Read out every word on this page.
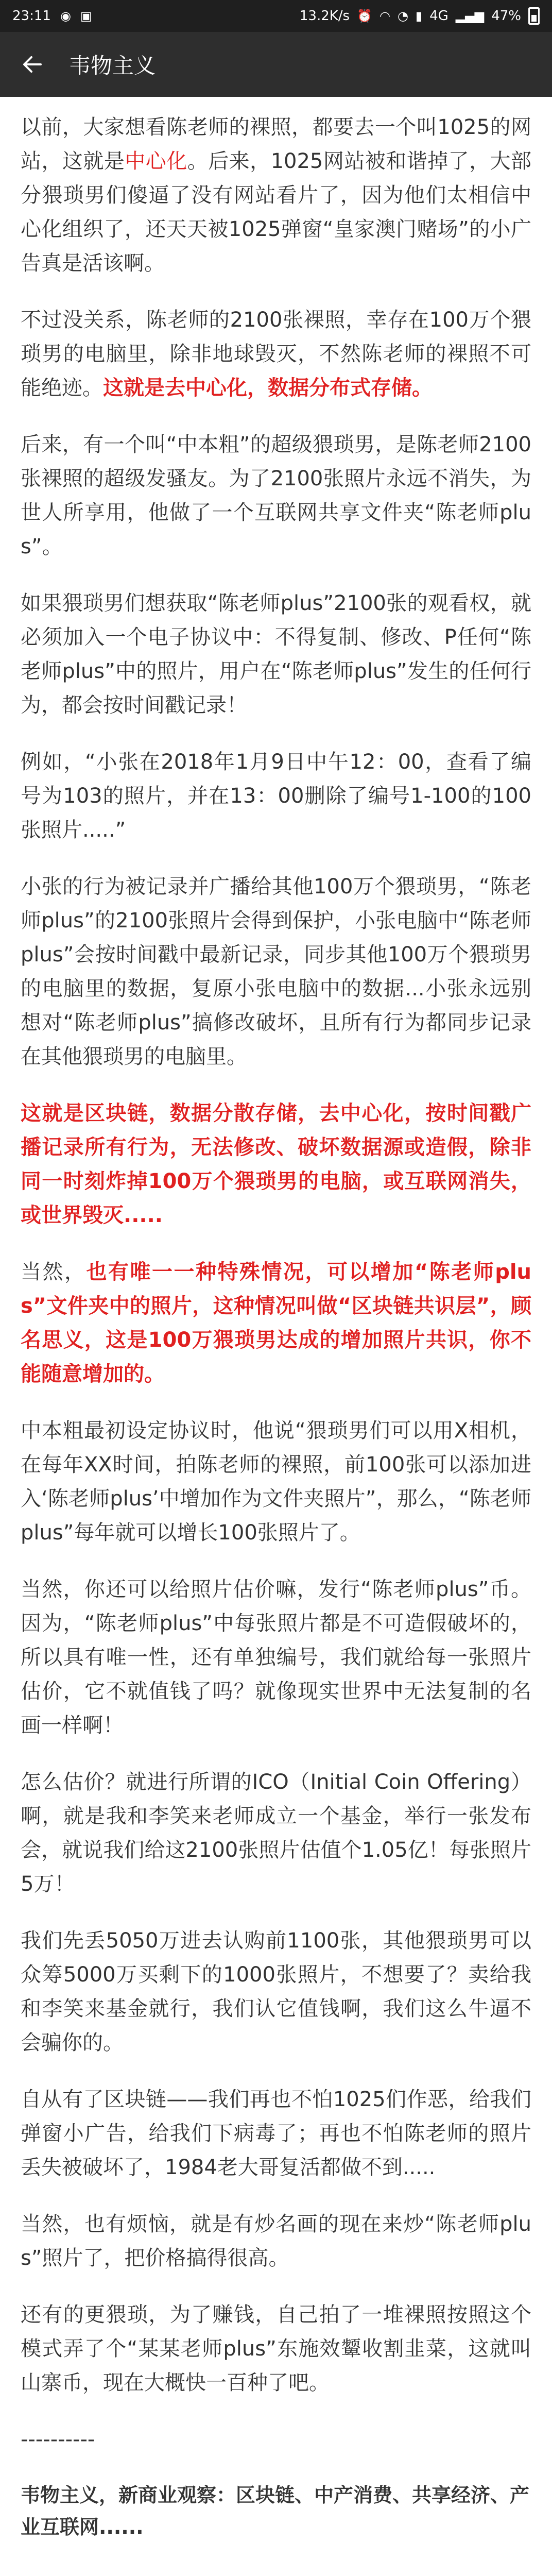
23:11 ◉ ▣	13.2K/s ⏰ ◠ ◔ ▮ 4G ▂▄▆ 47%
韦物主义

以前，大家想看陈老师的裸照，都要去一个叫1025的网站，这就是中心化。后来，1025网站被和谐掉了，大部分猥琐男们傻逼了没有网站看片了，因为他们太相信中心化组织了，还天天被1025弹窗“皇家澳门赌场”的小广告真是活该啊。

不过没关系，陈老师的2100张裸照，幸存在100万个猥琐男的电脑里，除非地球毁灭，不然陈老师的裸照不可能绝迹。这就是去中心化，数据分布式存储。

后来，有一个叫“中本粗”的超级猥琐男，是陈老师2100张裸照的超级发骚友。为了2100张照片永远不消失，为世人所享用，他做了一个互联网共享文件夹“陈老师plus”。

如果猥琐男们想获取“陈老师plus”2100张的观看权，就必须加入一个电子协议中：不得复制、修改、P任何“陈老师plus”中的照片，用户在“陈老师plus”发生的任何行为，都会按时间戳记录！

例如，“小张在2018年1月9日中午12：00，查看了编号为103的照片，并在13：00删除了编号1-100的100张照片.....”

小张的行为被记录并广播给其他100万个猥琐男，“陈老师plus”的2100张照片会得到保护，小张电脑中“陈老师plus”会按时间戳中最新记录，同步其他100万个猥琐男的电脑里的数据，复原小张电脑中的数据...小张永远别想对“陈老师plus”搞修改破坏，且所有行为都同步记录在其他猥琐男的电脑里。

这就是区块链，数据分散存储，去中心化，按时间戳广播记录所有行为，无法修改、破坏数据源或造假，除非同一时刻炸掉100万个猥琐男的电脑，或互联网消失，或世界毁灭.....

当然，也有唯一一种特殊情况，可以增加“陈老师plus”文件夹中的照片，这种情况叫做“区块链共识层”，顾名思义，这是100万猥琐男达成的增加照片共识，你不能随意增加的。

中本粗最初设定协议时，他说“猥琐男们可以用X相机，在每年XX时间，拍陈老师的裸照，前100张可以添加进入‘陈老师plus’中增加作为文件夹照片”，那么，“陈老师plus”每年就可以增长100张照片了。

当然，你还可以给照片估价嘛，发行“陈老师plus”币。因为，“陈老师plus”中每张照片都是不可造假破坏的，所以具有唯一性，还有单独编号，我们就给每一张照片估价，它不就值钱了吗？就像现实世界中无法复制的名画一样啊！

怎么估价？就进行所谓的ICO（Initial Coin Offering）啊，就是我和李笑来老师成立一个基金，举行一张发布会，就说我们给这2100张照片估值个1.05亿！每张照片5万！

我们先丢5050万进去认购前1100张，其他猥琐男可以众筹5000万买剩下的1000张照片，不想要了？卖给我和李笑来基金就行，我们认它值钱啊，我们这么牛逼不会骗你的。

自从有了区块链——我们再也不怕1025们作恶，给我们弹窗小广告，给我们下病毒了；再也不怕陈老师的照片丢失被破坏了，1984老大哥复活都做不到.....

当然，也有烦恼，就是有炒名画的现在来炒“陈老师plus”照片了，把价格搞得很高。

还有的更猥琐，为了赚钱，自己拍了一堆裸照按照这个模式弄了个“某某老师plus”东施效颦收割韭菜，这就叫山寨币，现在大概快一百种了吧。

----------

韦物主义，新商业观察：区块链、中产消费、共享经济、产业互联网......
